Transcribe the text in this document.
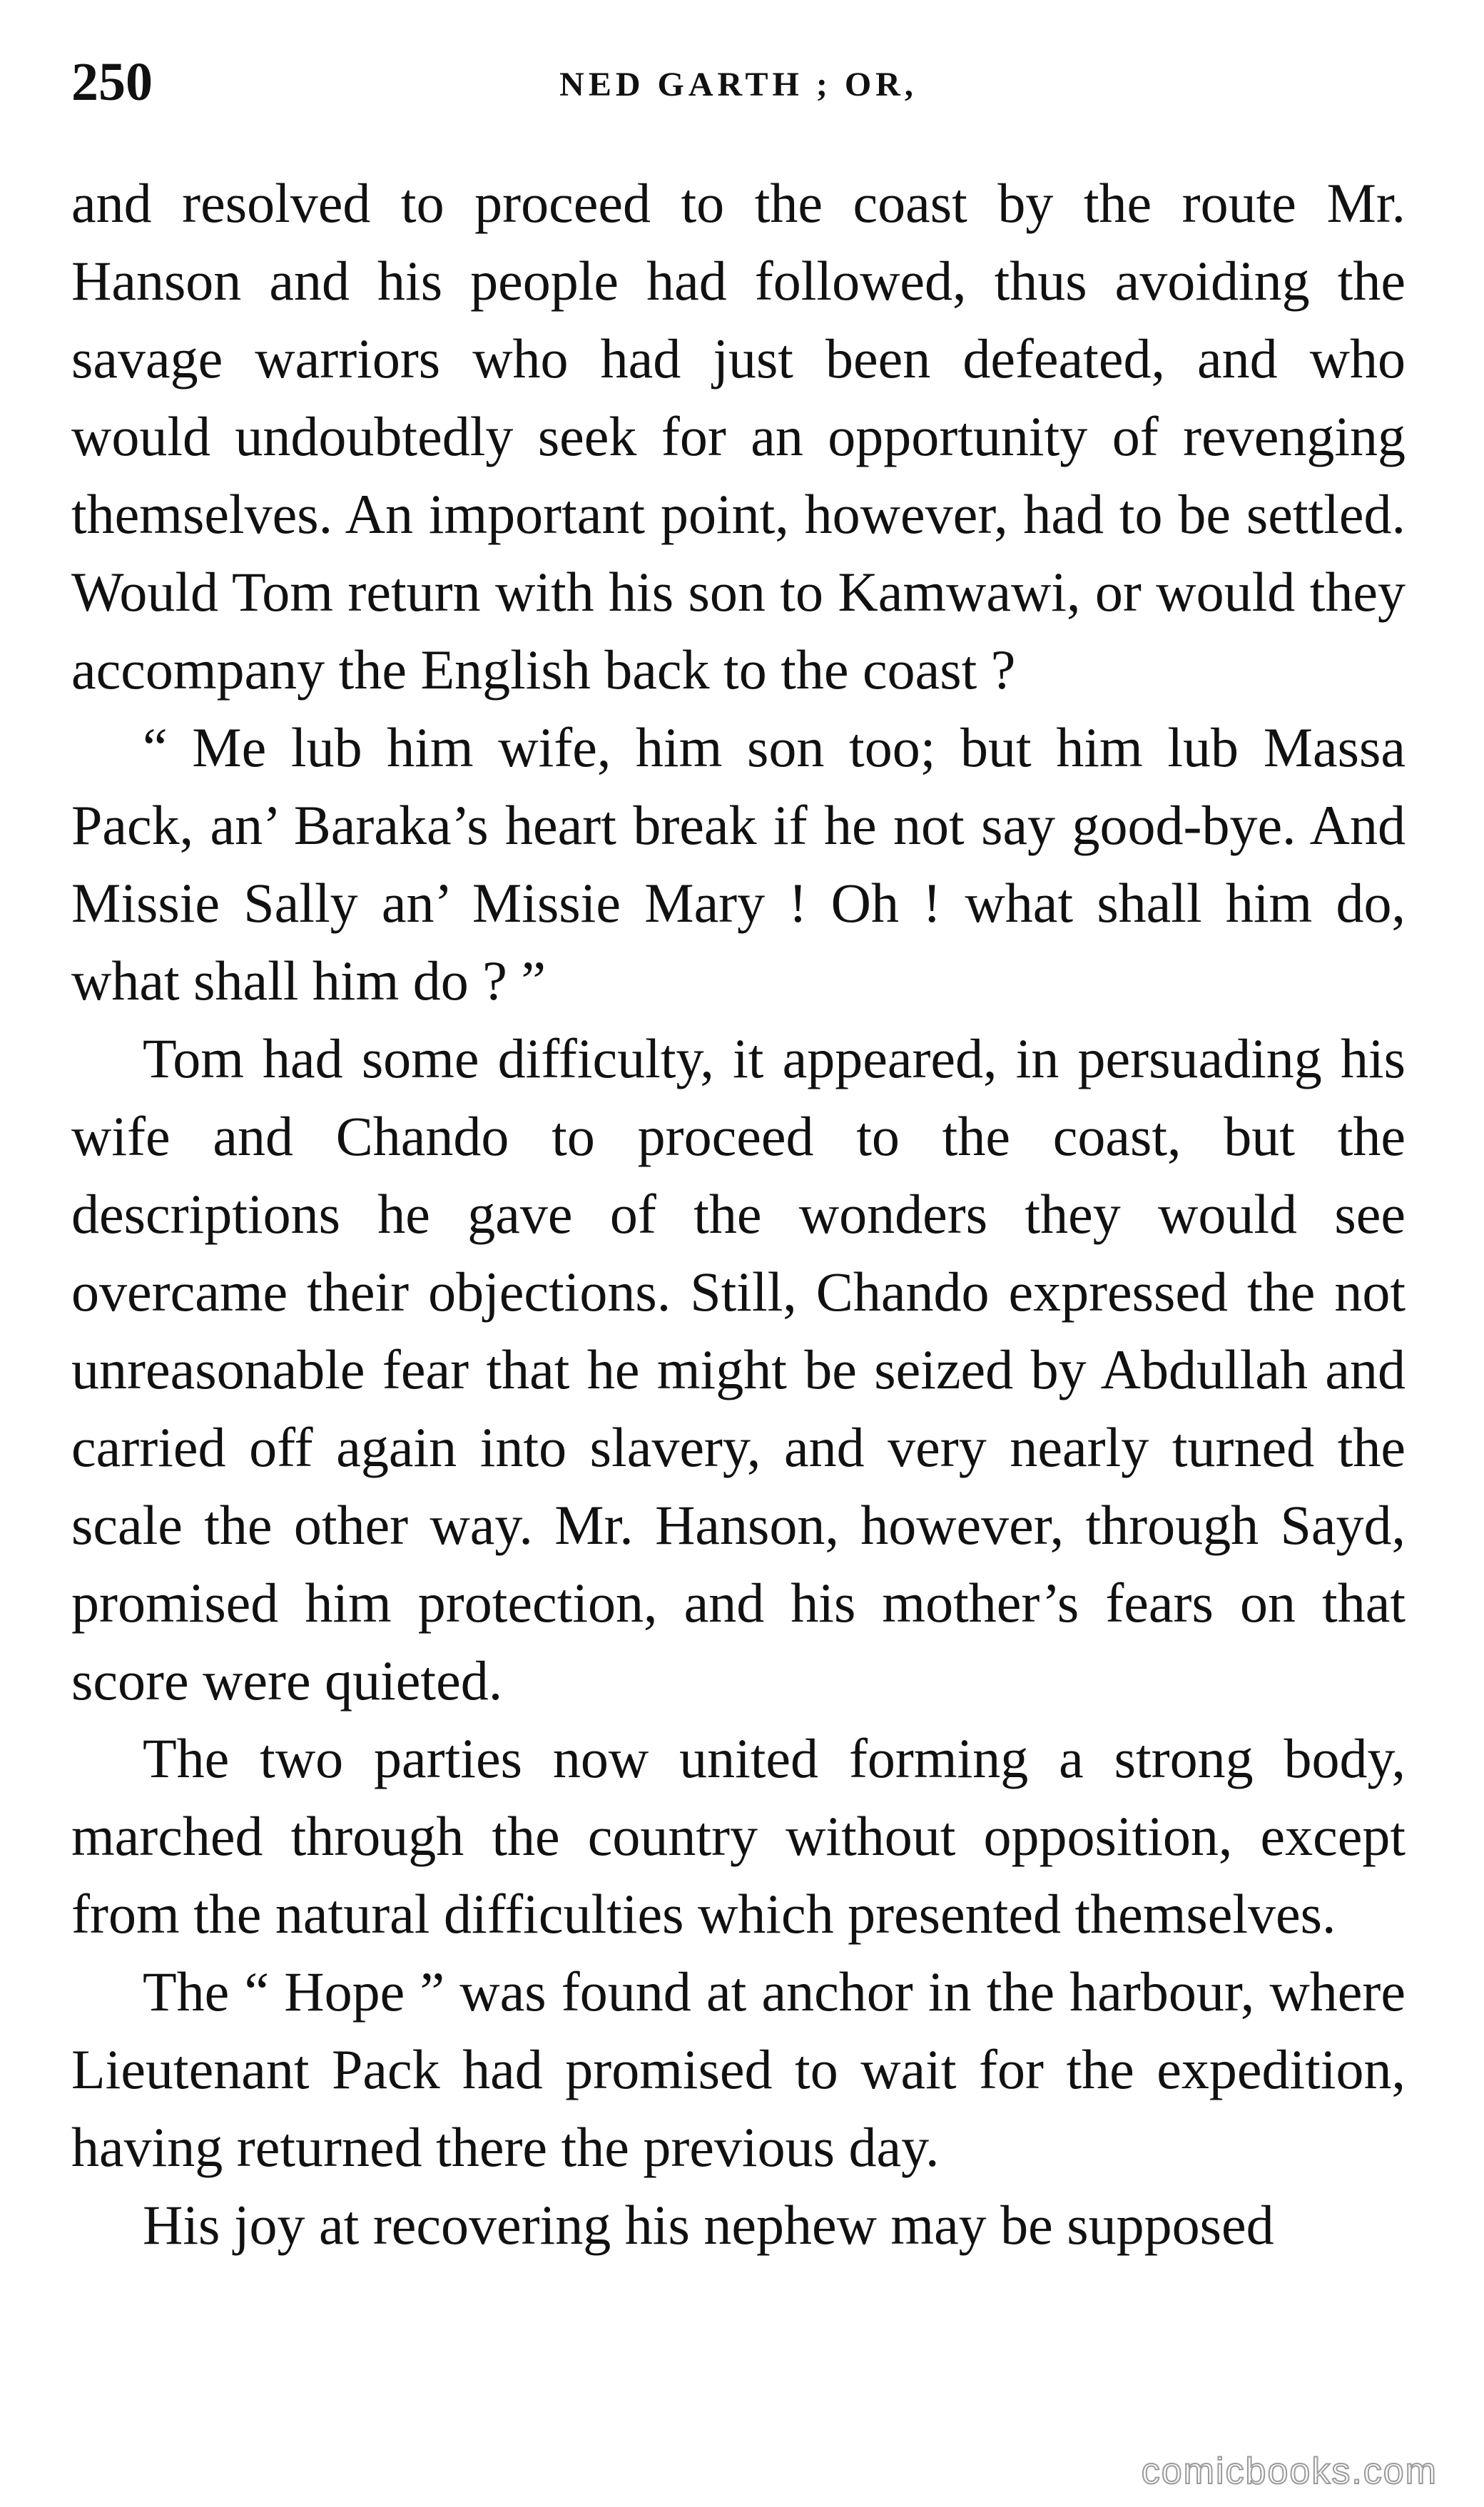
250	NED GARTH ; OR,

and resolved to proceed to the coast by the route Mr. Hanson and his people had followed, thus avoiding the savage warriors who had just been defeated, and who would undoubtedly seek for an opportunity of revenging themselves. An important point, however, had to be settled. Would Tom return with his son to Kamwawi, or would they accompany the English back to the coast ?

“ Me lub him wife, him son too; but him lub Massa Pack, an’ Baraka’s heart break if he not say good-bye. And Missie Sally an’ Missie Mary ! Oh ! what shall him do, what shall him do ? ”

Tom had some difficulty, it appeared, in persuading his wife and Chando to proceed to the coast, but the descriptions he gave of the wonders they would see overcame their objections. Still, Chando expressed the not unreasonable fear that he might be seized by Abdullah and carried off again into slavery, and very nearly turned the scale the other way. Mr. Hanson, however, through Sayd, promised him protection, and his mother’s fears on that score were quieted.

The two parties now united forming a strong body, marched through the country without opposition, except from the natural difficulties which presented themselves.

The “ Hope ” was found at anchor in the harbour, where Lieutenant Pack had promised to wait for the expedition, having returned there the previous day.

His joy at recovering his nephew may be supposed

comicbooks.com
